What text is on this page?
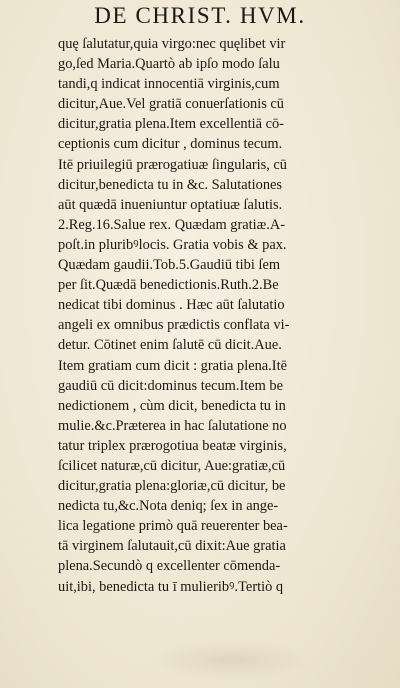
DE CHRIST. HVM.
quę ſalutatur,quia virgo:nec quęlibet vir
go,ſed Maria.Quartò ab ipſo modo ſalu
tandi,q indicat innocentiā virginis,cum
dicitur,Aue.Vel gratiā conuerſationis cū
dicitur,gratia plena.Item excellentiā cō-
ceptionis cum dicitur , dominus tecum.
Itē priuilegiū prærogatiuæ ſingularis, cū
dicitur,benedicta tu in &c. Salutationes
aūt quædā inueniuntur optatiuæ ſalutis.
2.Reg.16.Salue rex. Quædam gratiæ.A-
poſt.in pluribꝰlocis. Gratia vobis & pax.
Quædam gaudii.Tob.5.Gaudiū tibi ſem
per ſit.Quædā benedictionis.Ruth.2.Be
nedicat tibi dominus . Hæc aūt ſalutatio
angeli ex omnibus prædictis conflata vi-
detur. Cōtinet enim ſalutē cū dicit.Aue.
Item gratiam cum dicit : gratia plena.Itē
gaudiū cū dicit:dominus tecum.Item be
nedictionem , cùm dicit, benedicta tu in
mulie.&c.Præterea in hac ſalutatione no
tatur triplex prærogotiua beatæ virginis,
ſcilicet naturæ,cū dicitur, Aue:gratiæ,cū
dicitur,gratia plena:gloriæ,cū dicitur, be
nedicta tu,&c.Nota deniq; ſex in ange-
lica legatione primò quā reuerenter bea-
tā virginem ſalutauit,cū dixit:Aue gratia
plena.Secundò q excellenter cōmenda-
uit,ibi, benedicta tu ī mulieribꝰ.Tertiò q
